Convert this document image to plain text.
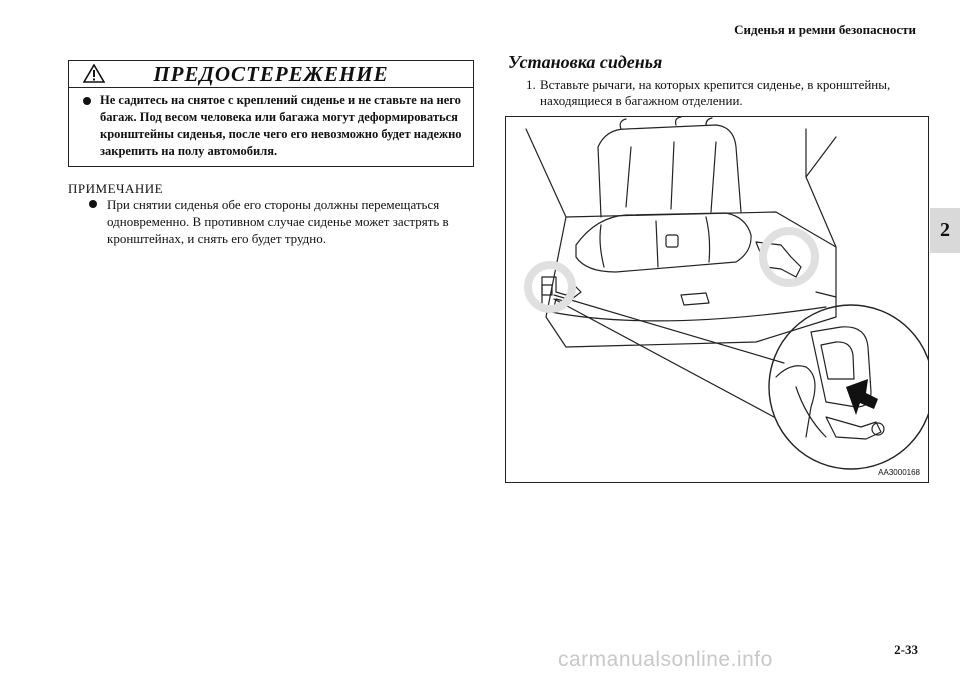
Сиденья и ремни безопасности
2
ПРЕДОСТЕРЕЖЕНИЕ
Не садитесь на снятое с креплений сиденье и не ставьте на него багаж. Под весом человека или багажа могут деформироваться кронштейны сиденья, после чего его невозможно будет надежно закрепить на полу автомобиля.
ПРИМЕЧАНИЕ
При снятии сиденья обе его стороны должны перемещаться одновременно. В противном случае сиденье может застрять в кронштейнах, и снять его будет трудно.
Установка сиденья
1. Вставьте рычаги, на которых крепится сиденье, в кронштейны, находящиеся в багажном отделении.
AA3000168
2-33
carmanualsonline.info
